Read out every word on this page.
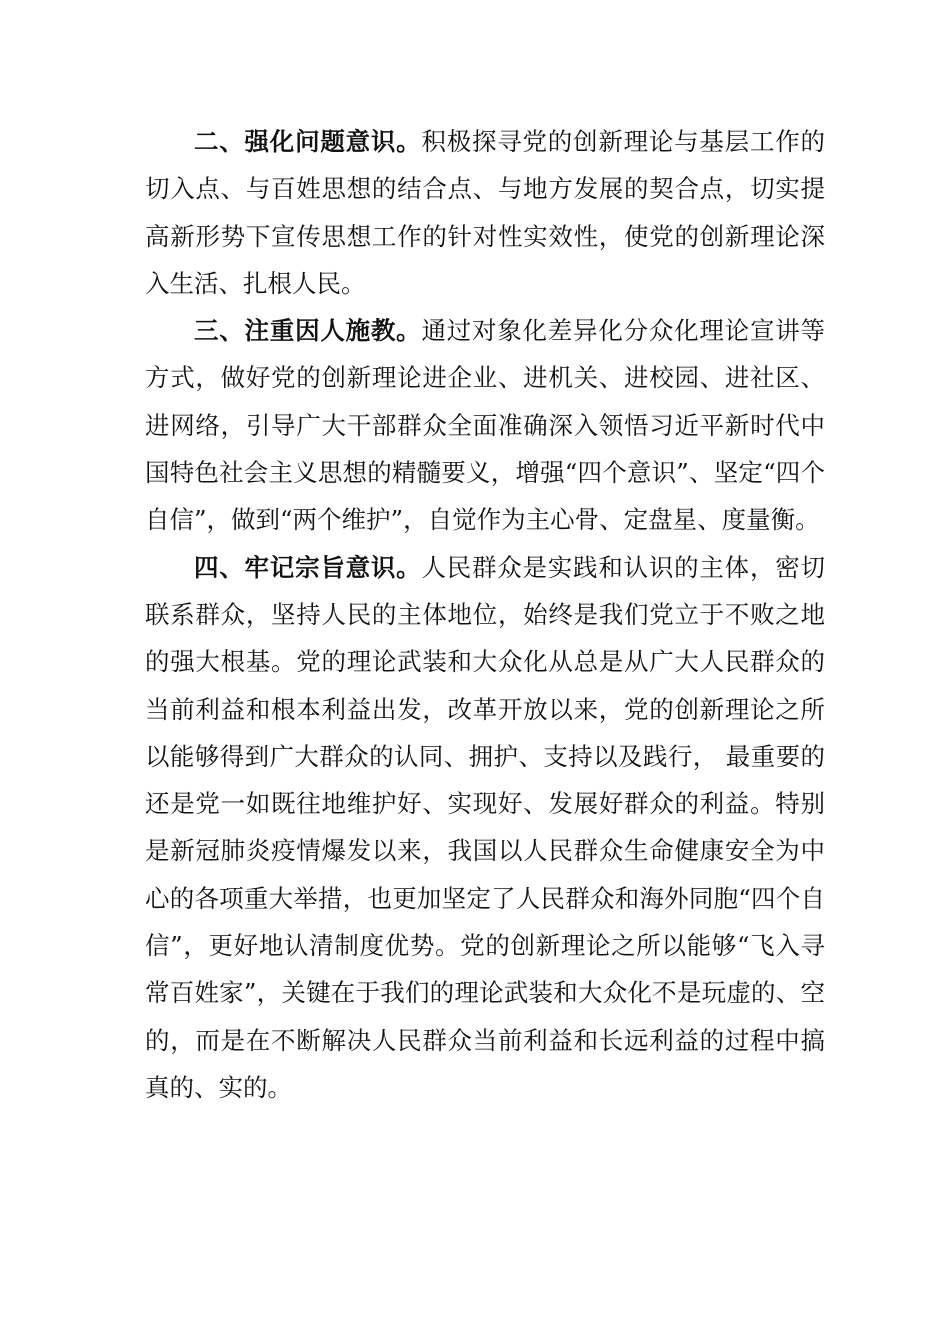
二、强化问题意识。积极探寻党的创新理论与基层工作的切入点、与百姓思想的结合点、与地方发展的契合点，切实提高新形势下宣传思想工作的针对性实效性，使党的创新理论深入生活、扎根人民。

三、注重因人施教。通过对象化差异化分众化理论宣讲等方式，做好党的创新理论进企业、进机关、进校园、进社区、进网络，引导广大干部群众全面准确深入领悟习近平新时代中国特色社会主义思想的精髓要义，增强“四个意识”、坚定“四个自信”，做到“两个维护”，自觉作为主心骨、定盘星、度量衡。

四、牢记宗旨意识。人民群众是实践和认识的主体，密切联系群众，坚持人民的主体地位，始终是我们党立于不败之地的强大根基。党的理论武装和大众化从总是从广大人民群众的当前利益和根本利益出发，改革开放以来，党的创新理论之所以能够得到广大群众的认同、拥护、支持以及践行， 最重要的还是党一如既往地维护好、实现好、发展好群众的利益。特别是新冠肺炎疫情爆发以来，我国以人民群众生命健康安全为中心的各项重大举措，也更加坚定了人民群众和海外同胞“四个自信”，更好地认清制度优势。党的创新理论之所以能够“飞入寻常百姓家”，关键在于我们的理论武装和大众化不是玩虚的、空的，而是在不断解决人民群众当前利益和长远利益的过程中搞真的、实的。
